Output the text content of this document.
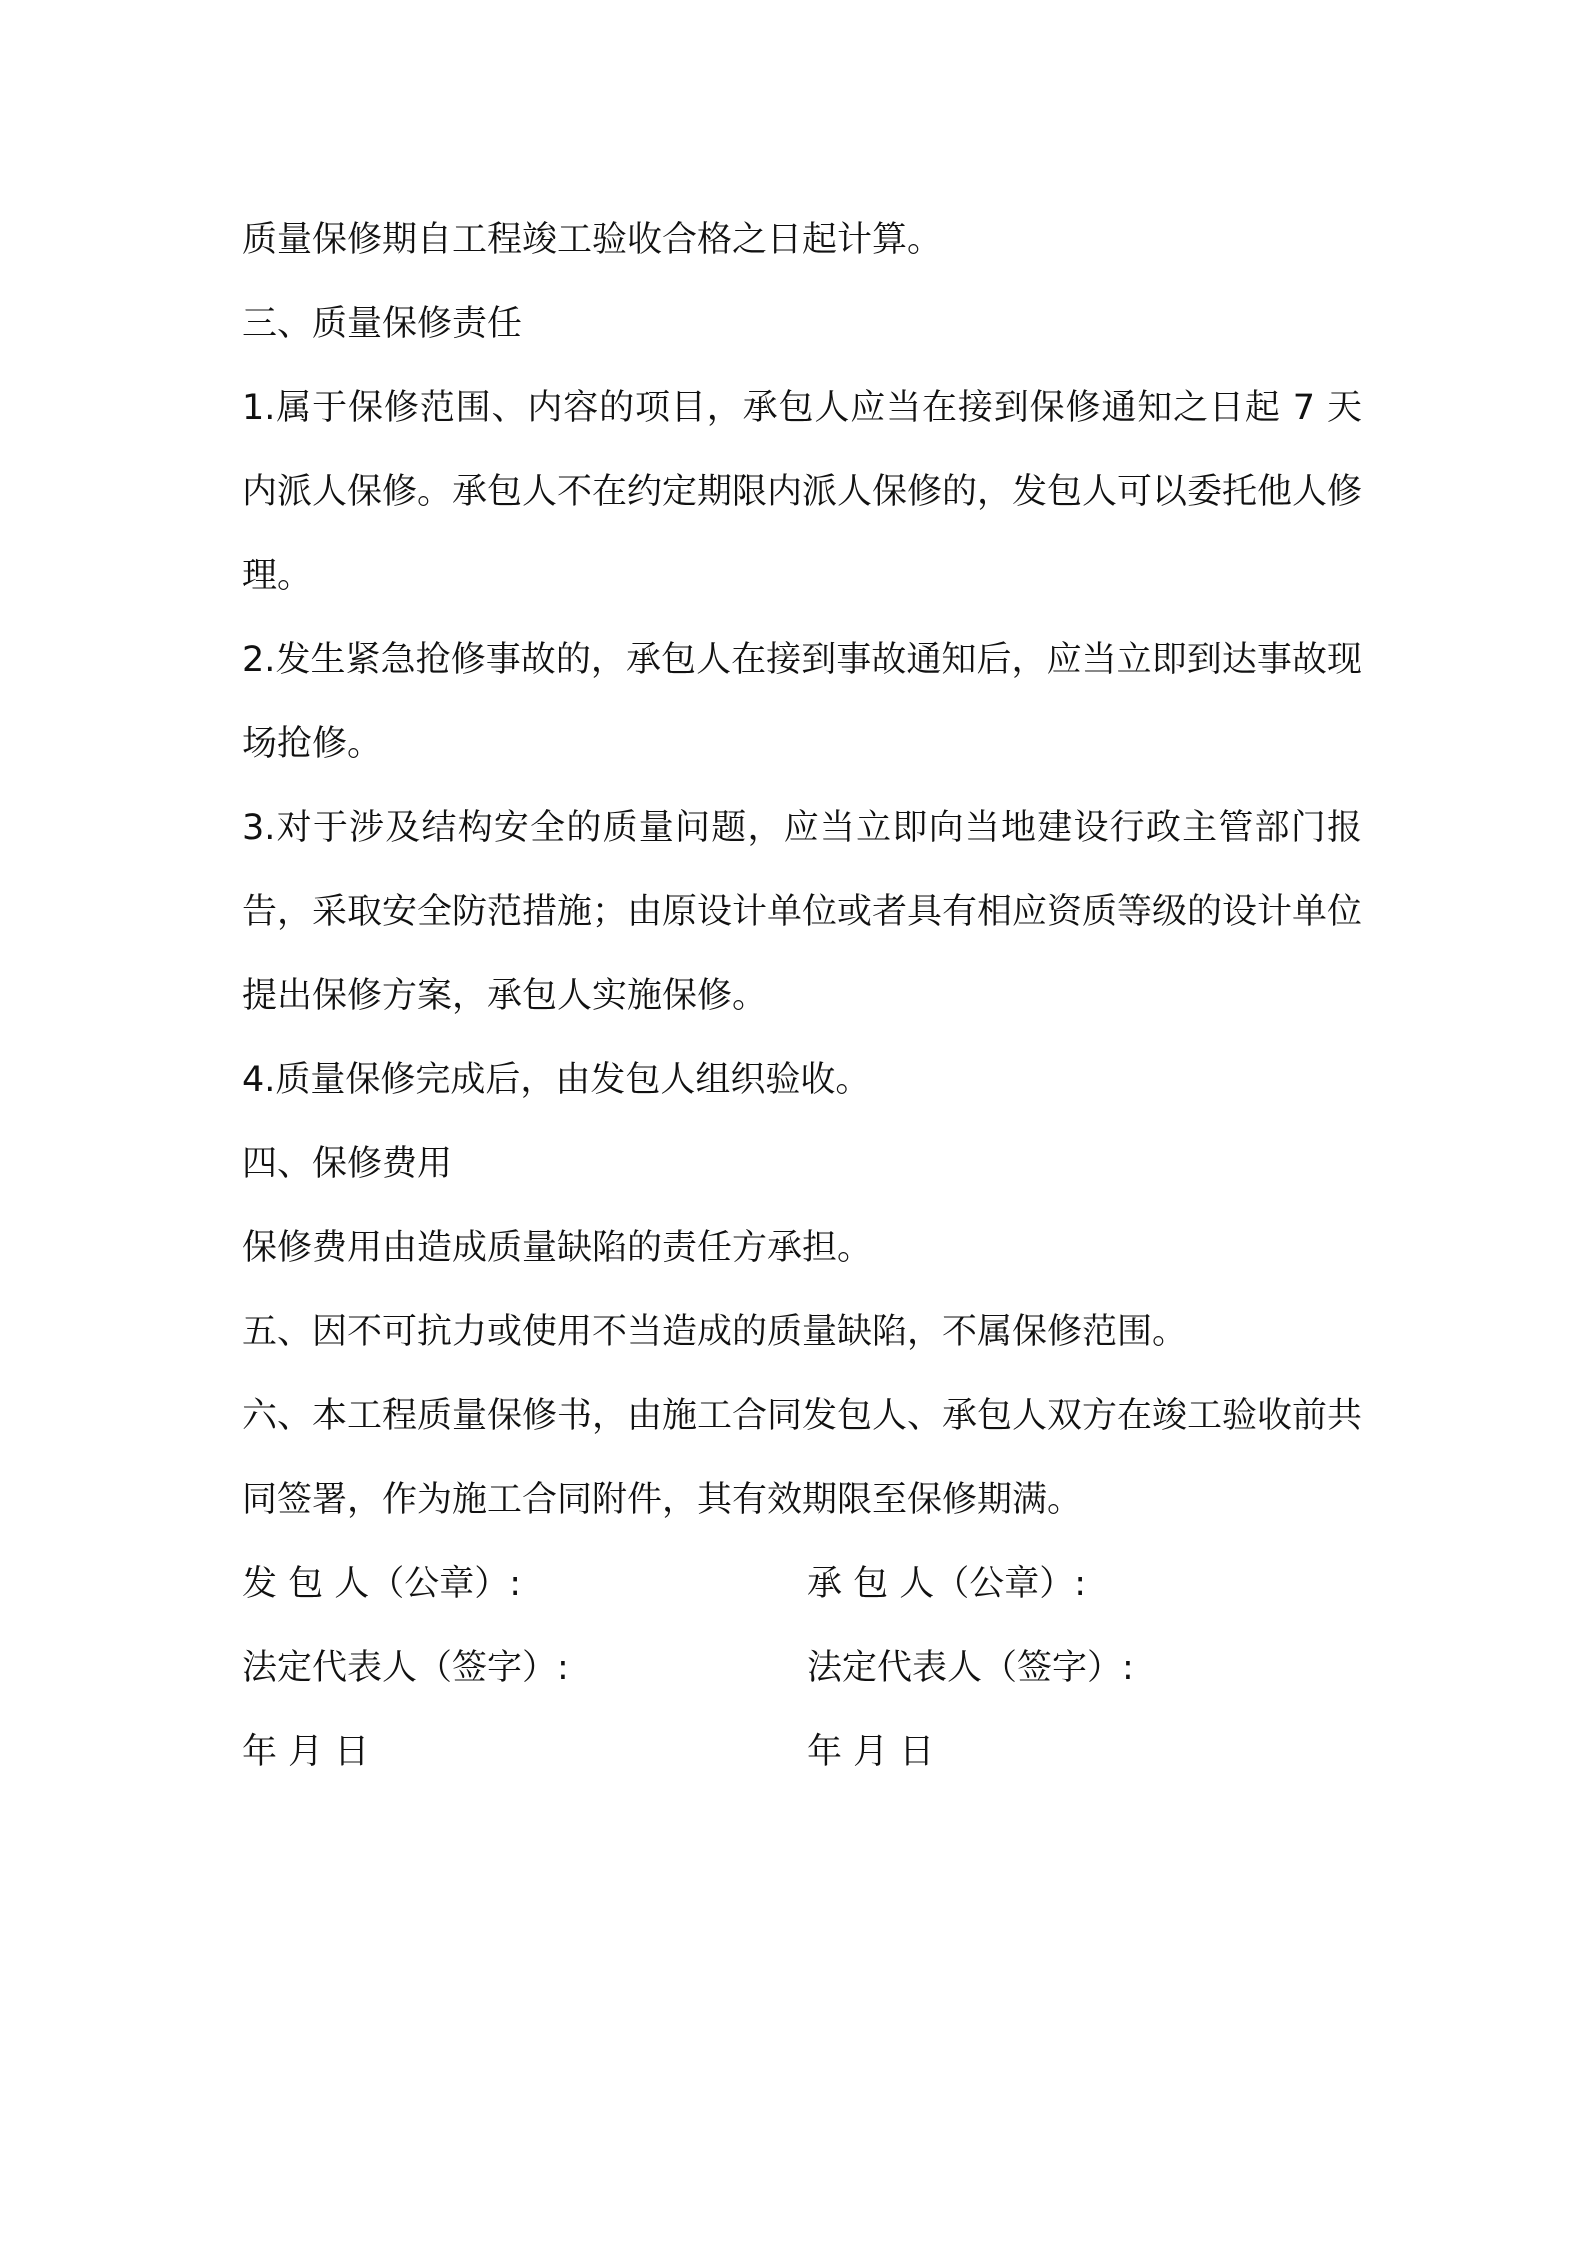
质量保修期自工程竣工验收合格之日起计算。

三、质量保修责任

1.属于保修范围、内容的项目，承包人应当在接到保修通知之日起 7 天内派人保修。承包人不在约定期限内派人保修的，发包人可以委托他人修理。

2.发生紧急抢修事故的，承包人在接到事故通知后，应当立即到达事故现场抢修。

3.对于涉及结构安全的质量问题，应当立即向当地建设行政主管部门报告，采取安全防范措施；由原设计单位或者具有相应资质等级的设计单位提出保修方案，承包人实施保修。

4.质量保修完成后，由发包人组织验收。

四、保修费用

保修费用由造成质量缺陷的责任方承担。

五、因不可抗力或使用不当造成的质量缺陷，不属保修范围。

六、本工程质量保修书，由施工合同发包人、承包人双方在竣工验收前共同签署，作为施工合同附件，其有效期限至保修期满。

发 包 人（公章）:	承 包 人（公章）:
法定代表人（签字）:	法定代表人（签字）:
年 月 日	年 月 日
